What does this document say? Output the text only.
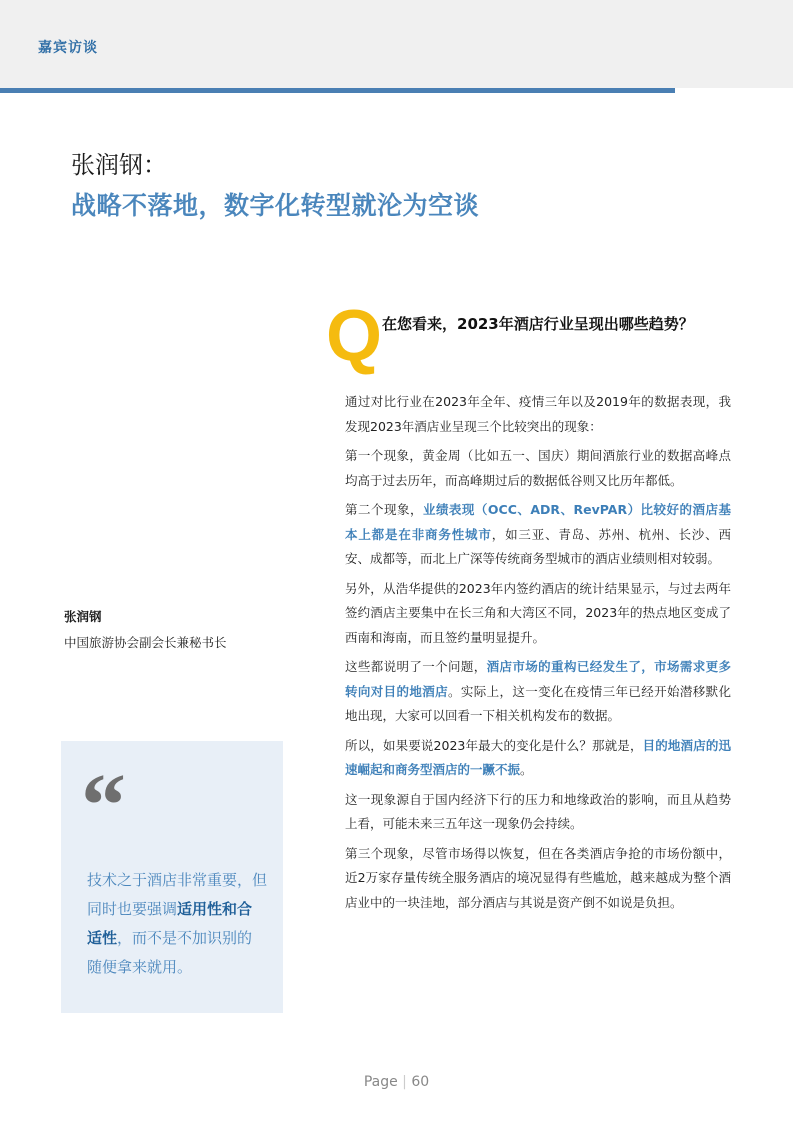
嘉宾访谈
张润钢：
战略不落地，数字化转型就沦为空谈
Q 在您看来，2023年酒店行业呈现出哪些趋势？

通过对比行业在2023年全年、疫情三年以及2019年的数据表现，我发现2023年酒店业呈现三个比较突出的现象：

第一个现象，黄金周（比如五一、国庆）期间酒旅行业的数据高峰点均高于过去历年，而高峰期过后的数据低谷则又比历年都低。

第二个现象，业绩表现（OCC、ADR、RevPAR）比较好的酒店基本上都是在非商务性城市，如三亚、青岛、苏州、杭州、长沙、西安、成都等，而北上广深等传统商务型城市的酒店业绩则相对较弱。

另外，从浩华提供的2023年内签约酒店的统计结果显示，与过去两年签约酒店主要集中在长三角和大湾区不同，2023年的热点地区变成了西南和海南，而且签约量明显提升。

这些都说明了一个问题，酒店市场的重构已经发生了，市场需求更多转向对目的地酒店。实际上，这一变化在疫情三年已经开始潜移默化地出现，大家可以回看一下相关机构发布的数据。

所以，如果要说2023年最大的变化是什么？那就是，目的地酒店的迅速崛起和商务型酒店的一蹶不振。

这一现象源自于国内经济下行的压力和地缘政治的影响，而且从趋势上看，可能未来三五年这一现象仍会持续。

第三个现象，尽管市场得以恢复，但在各类酒店争抢的市场份额中，近2万家存量传统全服务酒店的境况显得有些尴尬，越来越成为整个酒店业中的一块洼地，部分酒店与其说是资产倒不如说是负担。

张润钢
中国旅游协会副会长兼秘书长
“
技术之于酒店非常重要，但同时也要强调适用性和合适性，而不是不加识别的随便拿来就用。
Page | 60
